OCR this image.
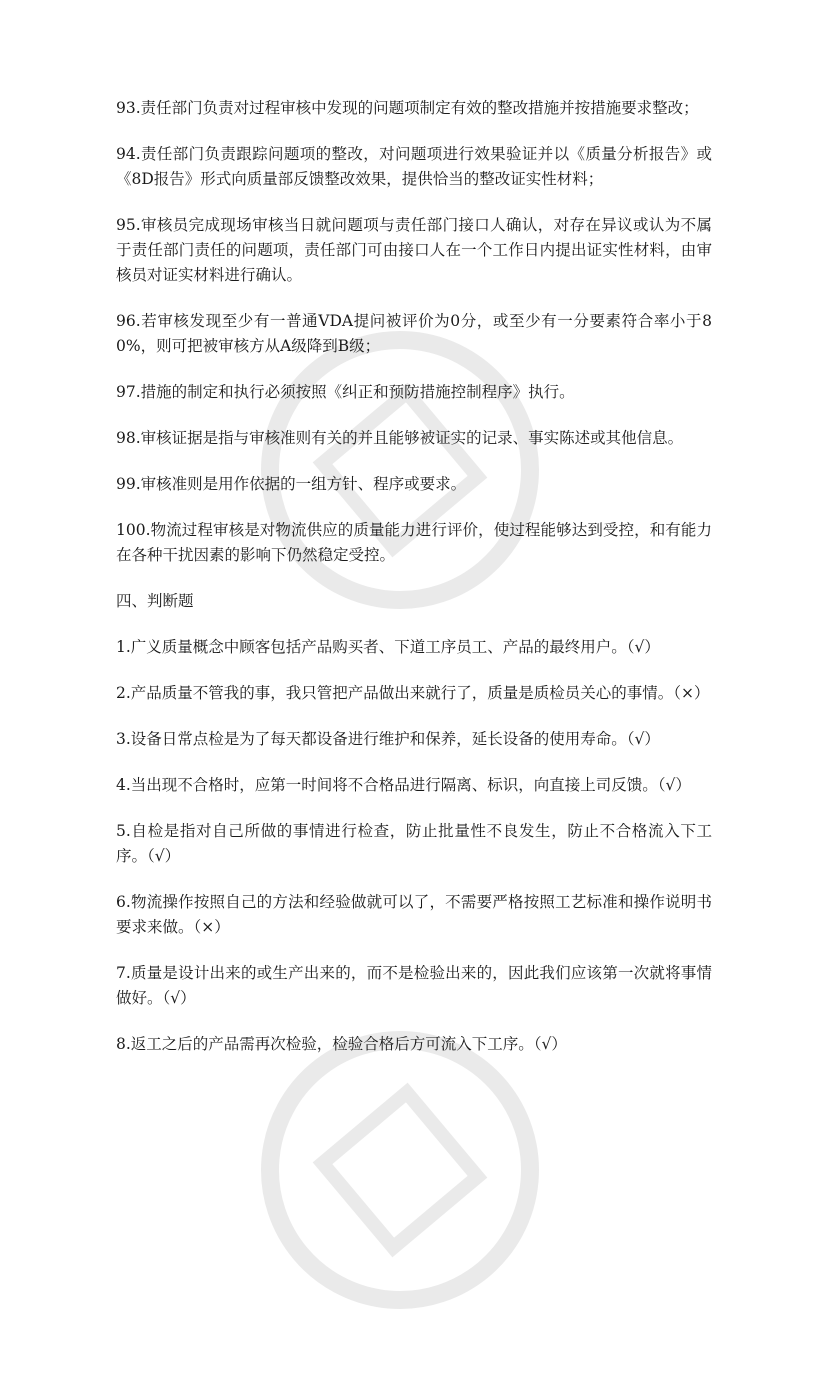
93.责任部门负责对过程审核中发现的问题项制定有效的整改措施并按措施要求整改；

94.责任部门负责跟踪问题项的整改，对问题项进行效果验证并以《质量分析报告》或《8D报告》形式向质量部反馈整改效果，提供恰当的整改证实性材料；

95.审核员完成现场审核当日就问题项与责任部门接口人确认，对存在异议或认为不属于责任部门责任的问题项，责任部门可由接口人在一个工作日内提出证实性材料，由审核员对证实材料进行确认。

96.若审核发现至少有一普通VDA提问被评价为0分，或至少有一分要素符合率小于80%，则可把被审核方从A级降到B级；

97.措施的制定和执行必须按照《纠正和预防措施控制程序》执行。

98.审核证据是指与审核准则有关的并且能够被证实的记录、事实陈述或其他信息。

99.审核准则是用作依据的一组方针、程序或要求。

100.物流过程审核是对物流供应的质量能力进行评价，使过程能够达到受控，和有能力在各种干扰因素的影响下仍然稳定受控。

四、判断题

1.广义质量概念中顾客包括产品购买者、下道工序员工、产品的最终用户。（√）

2.产品质量不管我的事，我只管把产品做出来就行了，质量是质检员关心的事情。（×）

3.设备日常点检是为了每天都设备进行维护和保养，延长设备的使用寿命。（√）

4.当出现不合格时，应第一时间将不合格品进行隔离、标识，向直接上司反馈。（√）

5.自检是指对自己所做的事情进行检查，防止批量性不良发生，防止不合格流入下工序。（√）

6.物流操作按照自己的方法和经验做就可以了，不需要严格按照工艺标准和操作说明书要求来做。（×）

7.质量是设计出来的或生产出来的，而不是检验出来的，因此我们应该第一次就将事情做好。（√）

8.返工之后的产品需再次检验，检验合格后方可流入下工序。（√）
